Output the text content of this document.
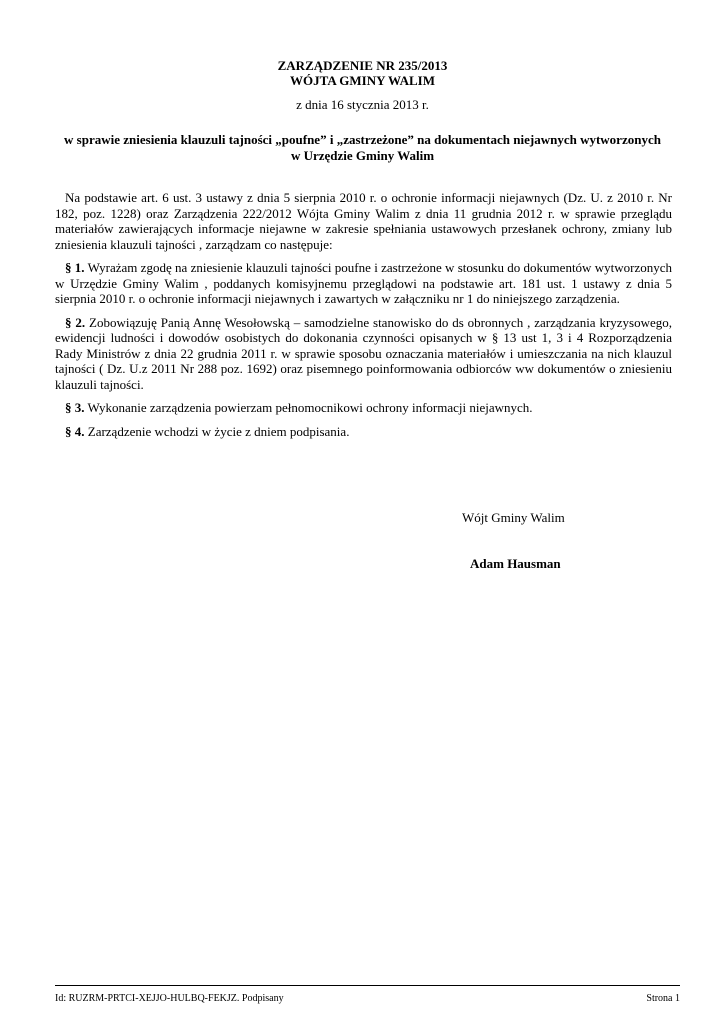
ZARZĄDZENIE NR 235/2013
WÓJTA GMINY WALIM
z dnia 16 stycznia 2013 r.
w sprawie zniesienia klauzuli tajności „poufne” i „zastrzeżone” na dokumentach niejawnych wytworzonych
w Urzędzie Gminy Walim

Na podstawie art. 6 ust. 3 ustawy z dnia 5 sierpnia 2010 r. o ochronie informacji niejawnych (Dz. U. z 2010 r. Nr 182, poz. 1228) oraz Zarządzenia 222/2012 Wójta Gminy Walim z dnia 11 grudnia 2012 r. w sprawie przeglądu materiałów zawierających informacje niejawne w zakresie spełniania ustawowych przesłanek ochrony, zmiany lub zniesienia klauzuli tajności , zarządzam co następuje:

§ 1. Wyrażam zgodę na zniesienie klauzuli tajności poufne i zastrzeżone w stosunku do dokumentów wytworzonych w Urzędzie Gminy Walim , poddanych komisyjnemu przeglądowi na podstawie art. 181 ust. 1 ustawy z dnia 5 sierpnia 2010 r. o ochronie informacji niejawnych i zawartych w załączniku nr 1 do niniejszego zarządzenia.

§ 2. Zobowiązuję Panią Annę Wesołowską – samodzielne stanowisko do ds obronnych , zarządzania kryzysowego, ewidencji ludności i dowodów osobistych do dokonania czynności opisanych w § 13 ust 1, 3 i 4 Rozporządzenia Rady Ministrów z dnia 22 grudnia 2011 r. w sprawie sposobu oznaczania materiałów i umieszczania na nich klauzul tajności ( Dz. U.z 2011 Nr 288 poz. 1692) oraz pisemnego poinformowania odbiorców ww dokumentów o zniesieniu klauzuli tajności.

§ 3. Wykonanie zarządzenia powierzam pełnomocnikowi ochrony informacji niejawnych.

§ 4. Zarządzenie wchodzi w życie z dniem podpisania.

Wójt Gminy Walim
Adam Hausman
Id: RUZRM-PRTCI-XEJJO-HULBQ-FEKJZ. Podpisany	Strona 1
